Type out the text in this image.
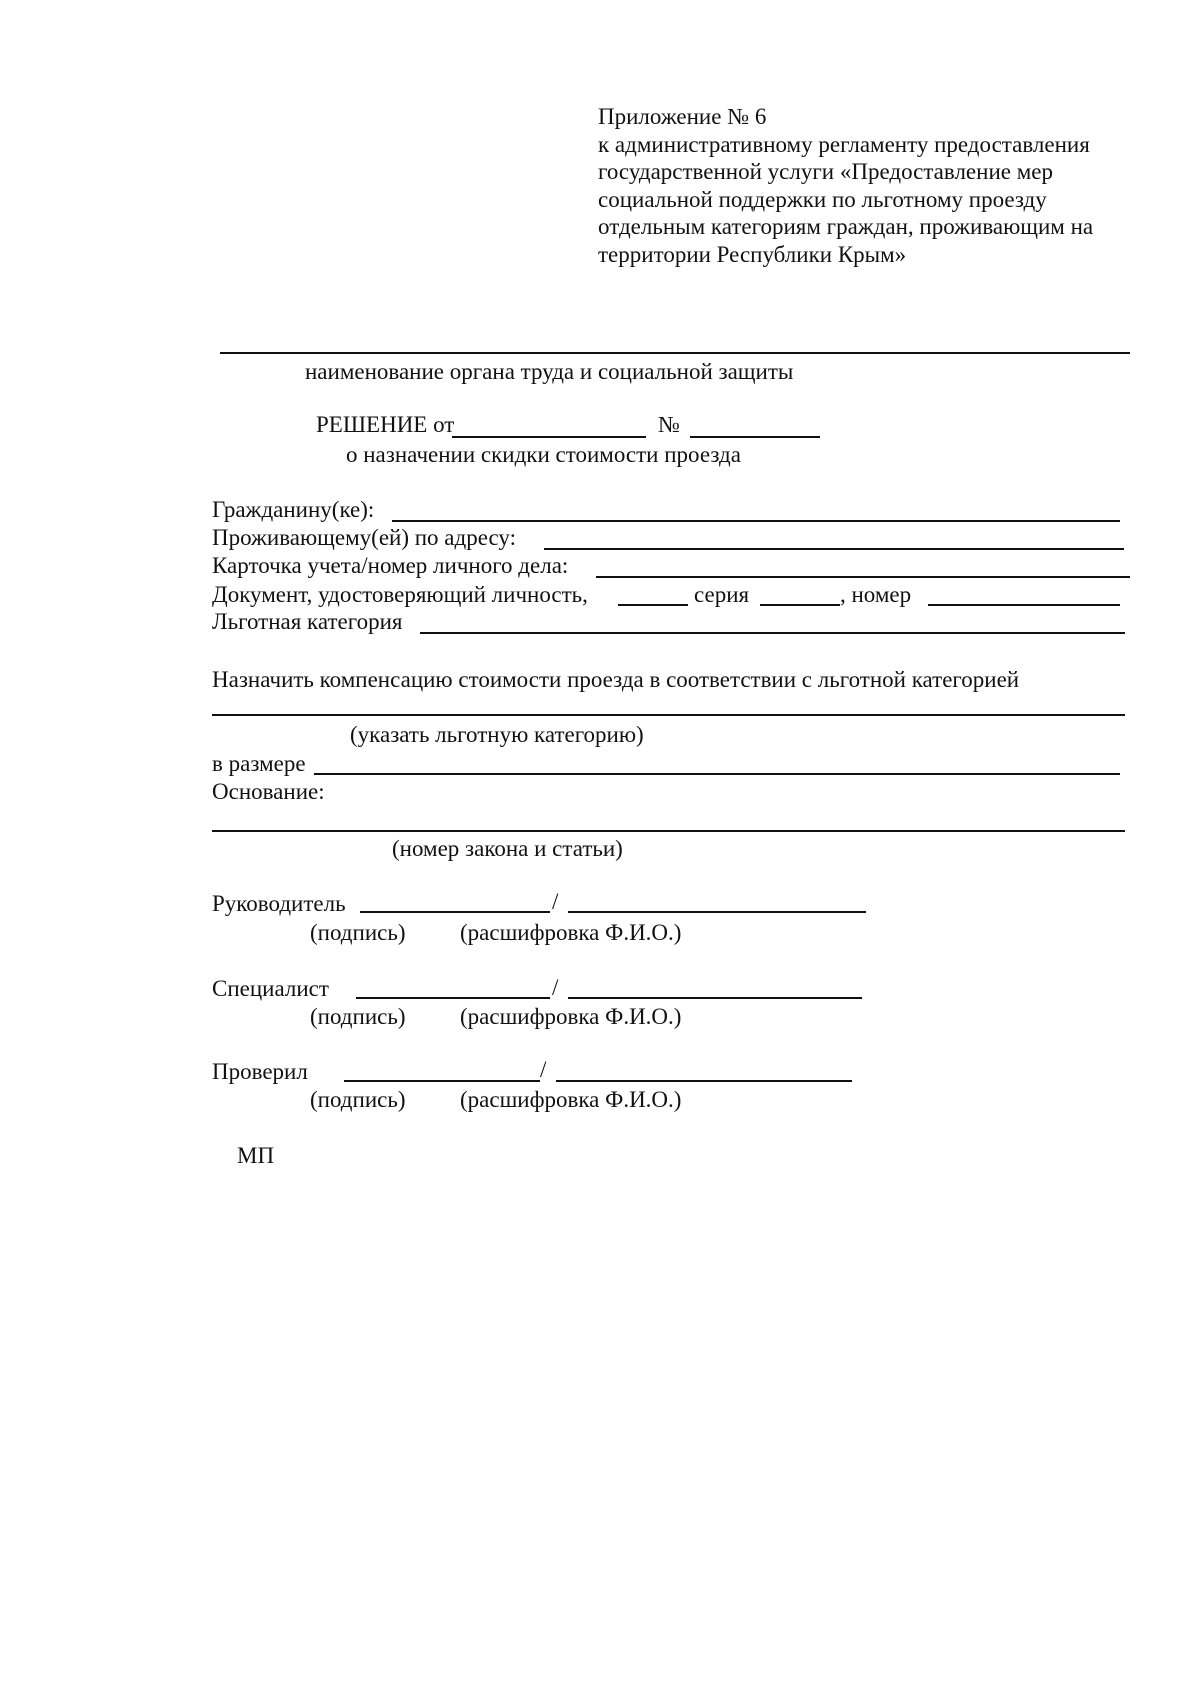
Приложение № 6
к административному регламенту предоставления
государственной услуги «Предоставление мер
социальной поддержки по льготному проезду
отдельным категориям граждан, проживающим на
территории Республики Крым»
наименование органа труда и социальной защиты
РЕШЕНИЕ от	№
о назначении скидки стоимости проезда
Гражданину(ке):
Проживающему(ей) по адресу:
Карточка учета/номер личного дела:
Документ, удостоверяющий личность,	серия	, номер
Льготная категория
Назначить компенсацию стоимости проезда в соответствии с льготной категорией
(указать льготную категорию)
в размере
Основание:
(номер закона и статьи)
Руководитель	/
(подпись) (расшифровка Ф.И.О.)
Специалист	/
(подпись) (расшифровка Ф.И.О.)
Проверил	/
(подпись) (расшифровка Ф.И.О.)
МП
